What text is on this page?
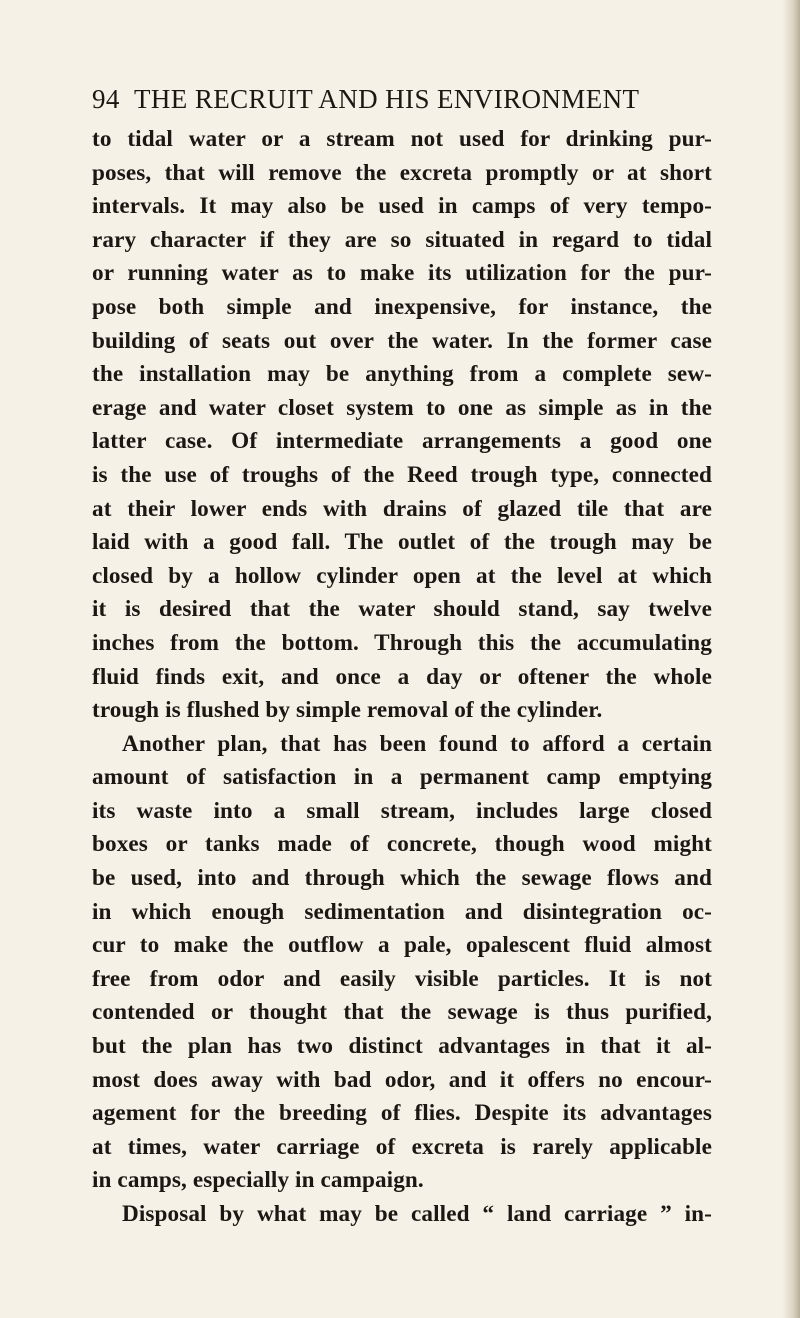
94 THE RECRUIT AND HIS ENVIRONMENT
to tidal water or a stream not used for drinking pur-
poses, that will remove the excreta promptly or at short
intervals. It may also be used in camps of very tempo-
rary character if they are so situated in regard to tidal
or running water as to make its utilization for the pur-
pose both simple and inexpensive, for instance, the
building of seats out over the water. In the former case
the installation may be anything from a complete sew-
erage and water closet system to one as simple as in the
latter case. Of intermediate arrangements a good one
is the use of troughs of the Reed trough type, connected
at their lower ends with drains of glazed tile that are
laid with a good fall. The outlet of the trough may be
closed by a hollow cylinder open at the level at which
it is desired that the water should stand, say twelve
inches from the bottom. Through this the accumulating
fluid finds exit, and once a day or oftener the whole
trough is flushed by simple removal of the cylinder.
Another plan, that has been found to afford a certain
amount of satisfaction in a permanent camp emptying
its waste into a small stream, includes large closed
boxes or tanks made of concrete, though wood might
be used, into and through which the sewage flows and
in which enough sedimentation and disintegration oc-
cur to make the outflow a pale, opalescent fluid almost
free from odor and easily visible particles. It is not
contended or thought that the sewage is thus purified,
but the plan has two distinct advantages in that it al-
most does away with bad odor, and it offers no encour-
agement for the breeding of flies. Despite its advantages
at times, water carriage of excreta is rarely applicable
in camps, especially in campaign.
Disposal by what may be called “ land carriage ” in-
